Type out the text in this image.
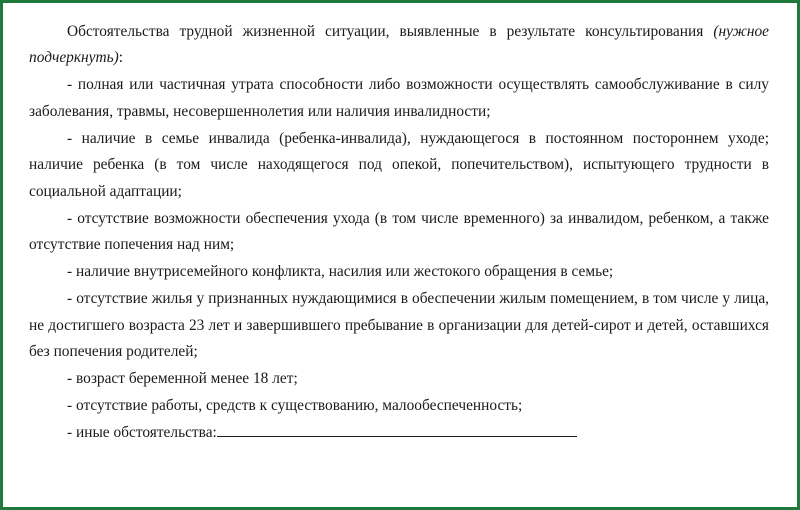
Обстоятельства трудной жизненной ситуации, выявленные в результате консультирования (нужное подчеркнуть):

- полная или частичная утрата способности либо возможности осуществлять самообслуживание в силу заболевания, травмы, несовершеннолетия или наличия инвалидности;

- наличие в семье инвалида (ребенка-инвалида), нуждающегося в постоянном постороннем уходе; наличие ребенка (в том числе находящегося под опекой, попечительством), испытующего трудности в социальной адаптации;

- отсутствие возможности обеспечения ухода (в том числе временного) за инвалидом, ребенком, а также отсутствие попечения над ним;

- наличие внутрисемейного конфликта, насилия или жестокого обращения в семье;

- отсутствие жилья у признанных нуждающимися в обеспечении жилым помещением, в том числе у лица, не достигшего возраста 23 лет и завершившего пребывание в организации для детей-сирот и детей, оставшихся без попечения родителей;

- возраст беременной менее 18 лет;

- отсутствие работы, средств к существованию, малообеспеченность;

- иные обстоятельства:
